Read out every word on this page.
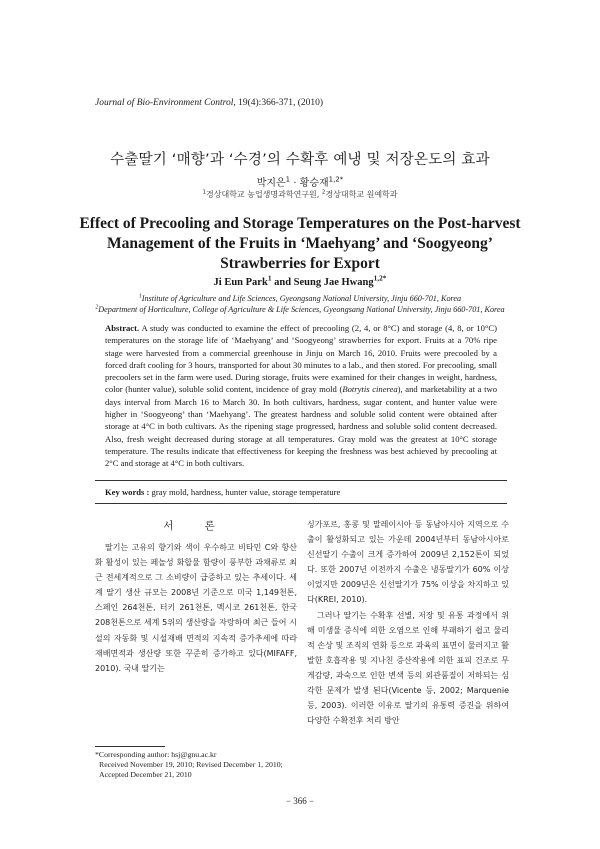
Journal of Bio-Environment Control, 19(4):366-371, (2010)
수출딸기 ‘매향’과 ‘수경’의 수확후 예냉 및 저장온도의 효과
박지은$^1$ · 황승재$^{1,2*}$
$^1$경상대학교 농업생명과학연구원, $^2$경상대학교 원예학과
Effect of Precooling and Storage Temperatures on the Post-harvest
Management of the Fruits in ‘Maehyang’ and ‘Soogyeong’
Strawberries for Export
Ji Eun Park$^1$ and Seung Jae Hwang$^{1,2*}$
$^1$Institute of Agriculture and Life Sciences, Gyeongsang National University, Jinju 660-701, Korea
$^2$Department of Horticulture, College of Agriculture & Life Sciences, Gyeongsang National University, Jinju 660-701, Korea
Abstract. A study was conducted to examine the effect of precooling (2, 4, or 8°C) and storage (4, 8, or 10°C) temperatures on the storage life of ‘Maehyang’ and ‘Soogyeong’ strawberries for export. Fruits at a 70% ripe stage were harvested from a commercial greenhouse in Jinju on March 16, 2010. Fruits were precooled by a forced draft cooling for 3 hours, transported for about 30 minutes to a lab., and then stored. For precooling, small precoolers set in the farm were used. During storage, fruits were examined for their changes in weight, hardness, color (hunter value), soluble solid content, incidence of gray mold (Botrytis cinerea), and marketability at a two days interval from March 16 to March 30. In both cultivars, hardness, sugar content, and hunter value were higher in ‘Soogyeong’ than ‘Maehyang’. The greatest hardness and soluble solid content were obtained after storage at 4°C in both cultivars. As the ripening stage progressed, hardness and soluble solid content decreased. Also, fresh weight decreased during storage at all temperatures. Gray mold was the greatest at 10°C storage temperature. The results indicate that effectiveness for keeping the freshness was best achieved by precooling at 2°C and storage at 4°C in both cultivars.
Key words : gray mold, hardness, hunter value, storage temperature
서 론

딸기는 고유의 향기와 색이 우수하고 비타민 C와 항산화 활성이 있는 페놀성 화합물 함량이 풍부한 과채류로 최근 전세계적으로 그 소비량이 급증하고 있는 추세이다. 세계 딸기 생산 규모는 2008년 기준으로 미국 1,149천톤, 스페인 264천톤, 터키 261천톤, 멕시코 261천톤, 한국 208천톤으로 세계 5위의 생산량을 자랑하며 최근 들어 시설의 자동화 및 시설재배 면적의 지속적 증가추세에 따라 재배면적과 생산량 또한 꾸준히 증가하고 있다(MIFAFF, 2010). 국내 딸기는

싱가포르, 홍콩 및 말레이시아 등 동남아시아 지역으로 수출이 활성화되고 있는 가운데 2004년부터 동남아시아로 신선딸기 수출이 크게 증가하여 2009년 2,152톤이 되었다. 또한 2007년 이전까지 수출은 냉동딸기가 60% 이상이었지만 2009년은 신선딸기가 75% 이상을 차지하고 있다(KREI, 2010).

그러나 딸기는 수확후 선별, 저장 및 유통 과정에서 위해 미생물 증식에 의한 오염으로 인해 부패하기 쉽고 물리적 손상 및 조직의 연화 등으로 과육의 표면이 물러지고 활발한 호흡작용 및 지나친 증산작용에 의한 표피 건조로 무게감량, 과숙으로 인한 변색 등의 외관품질이 저하되는 심각한 문제가 발생 된다(Vicente 등, 2002; Marquenie 등, 2003). 이러한 이유로 딸기의 유통력 증진을 위하여 다양한 수확전후 처리 방안

*Corresponding author: hsj@gnu.ac.kr
Received November 19, 2010; Revised December 1, 2010;
Accepted December 21, 2010
− 366 −
